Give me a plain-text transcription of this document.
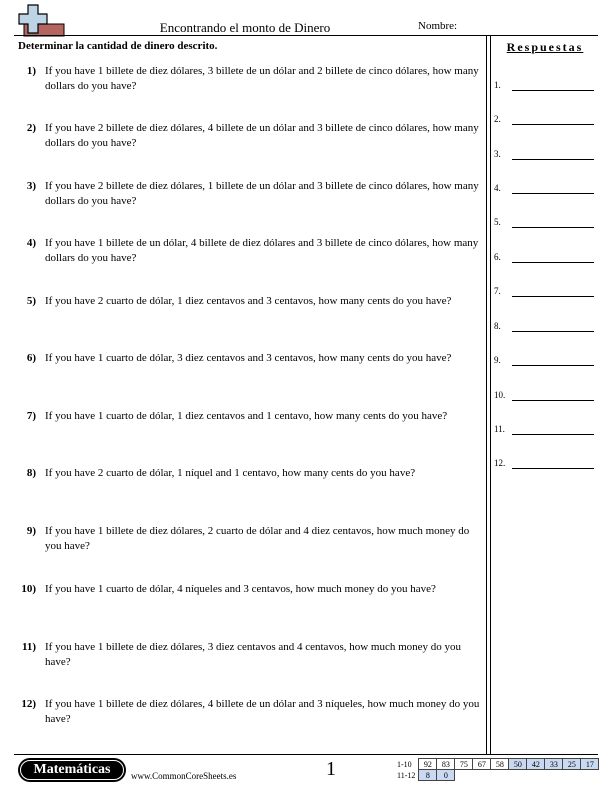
Encontrando el monto de Dinero	Nombre:
Determinar la cantidad de dinero descrito.
1) If you have 1 billete de diez dólares, 3 billete de un dólar and 2 billete de cinco dólares, how many dollars do you have?
2) If you have 2 billete de diez dólares, 4 billete de un dólar and 3 billete de cinco dólares, how many dollars do you have?
3) If you have 2 billete de diez dólares, 1 billete de un dólar and 3 billete de cinco dólares, how many dollars do you have?
4) If you have 1 billete de un dólar, 4 billete de diez dólares and 3 billete de cinco dólares, how many dollars do you have?
5) If you have 2 cuarto de dólar, 1 diez centavos and 3 centavos, how many cents do you have?
6) If you have 1 cuarto de dólar, 3 diez centavos and 3 centavos, how many cents do you have?
7) If you have 1 cuarto de dólar, 1 diez centavos and 1 centavo, how many cents do you have?
8) If you have 2 cuarto de dólar, 1 níquel and 1 centavo, how many cents do you have?
9) If you have 1 billete de diez dólares, 2 cuarto de dólar and 4 diez centavos, how much money do you have?
10) If you have 1 cuarto de dólar, 4 níqueles and 3 centavos, how much money do you have?
11) If you have 1 billete de diez dólares, 3 diez centavos and 4 centavos, how much money do you have?
12) If you have 1 billete de diez dólares, 4 billete de un dólar and 3 níqueles, how much money do you have?
Respuestas
1.
2.
3.
4.
5.
6.
7.
8.
9.
10.
11.
12.
Matemáticas	www.CommonCoreSheets.es	1	1-10	92	83	75	67	58	50	42	33	25	17
11-12	8	0								
